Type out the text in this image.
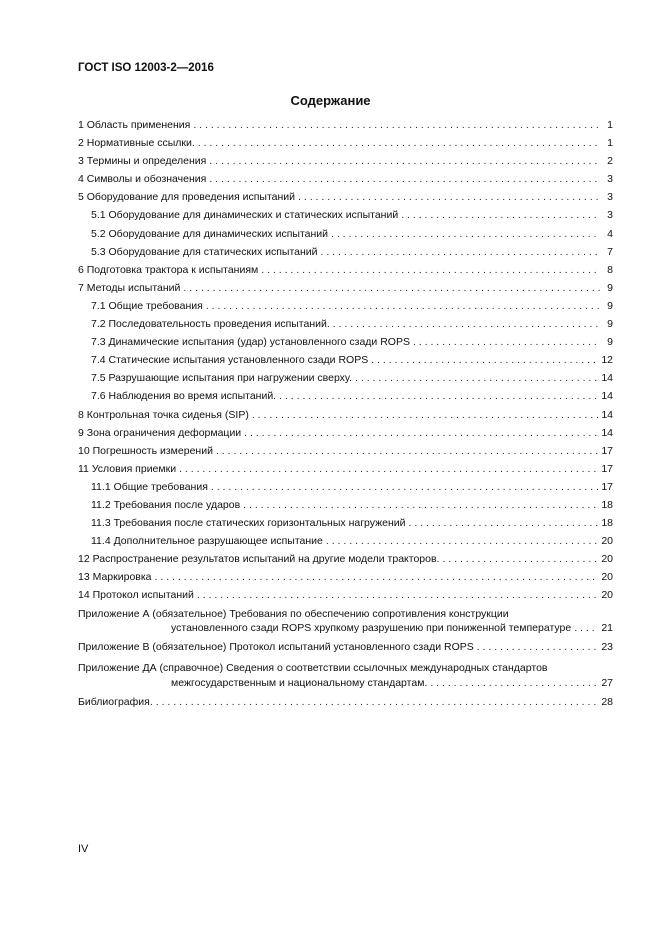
ГОСТ ISO 12003-2—2016
Содержание
1 Область применения . . .	1
2 Нормативные ссылки. . . .	1
3 Термины и определения . . .	2
4 Символы и обозначения . . .	3
5 Оборудование для проведения испытаний . . .	3
5.1 Оборудование для динамических и статических испытаний . . .	3
5.2 Оборудование для динамических испытаний . . .	4
5.3 Оборудование для статических испытаний . . .	7
6 Подготовка трактора к испытаниям . . .	8
7 Методы испытаний . . .	9
7.1 Общие требования . . .	9
7.2 Последовательность проведения испытаний. . . .	9
7.3 Динамические испытания (удар) установленного сзади ROPS . . .	9
7.4 Статические испытания установленного сзади ROPS . . .	12
7.5 Разрушающие испытания при нагружении сверху. . . .	14
7.6 Наблюдения во время испытаний. . . .	14
8 Контрольная точка сиденья (SIP) . . .	14
9 Зона ограничения деформации . . .	14
10 Погрешность измерений . . .	17
11 Условия приемки . . .	17
11.1 Общие требования . . .	17
11.2 Требования после ударов . . .	18
11.3 Требования после статических горизонтальных нагружений . . .	18
11.4 Дополнительное разрушающее испытание . . .	20
12 Распространение результатов испытаний на другие модели тракторов. . . .	20
13 Маркировка . . .	20
14 Протокол испытаний . . .	20
Приложение А (обязательное) Требования по обеспечению сопротивления конструкции
установленного сзади ROPS хрупкому разрушению при пониженной температуре . . .	21
Приложение В (обязательное) Протокол испытаний установленного сзади ROPS . . .	23
Приложение ДА (справочное) Сведения о соответствии ссылочных международных стандартов
межгосударственным и национальному стандартам. . . .	27
Библиография. . . .	28
IV
